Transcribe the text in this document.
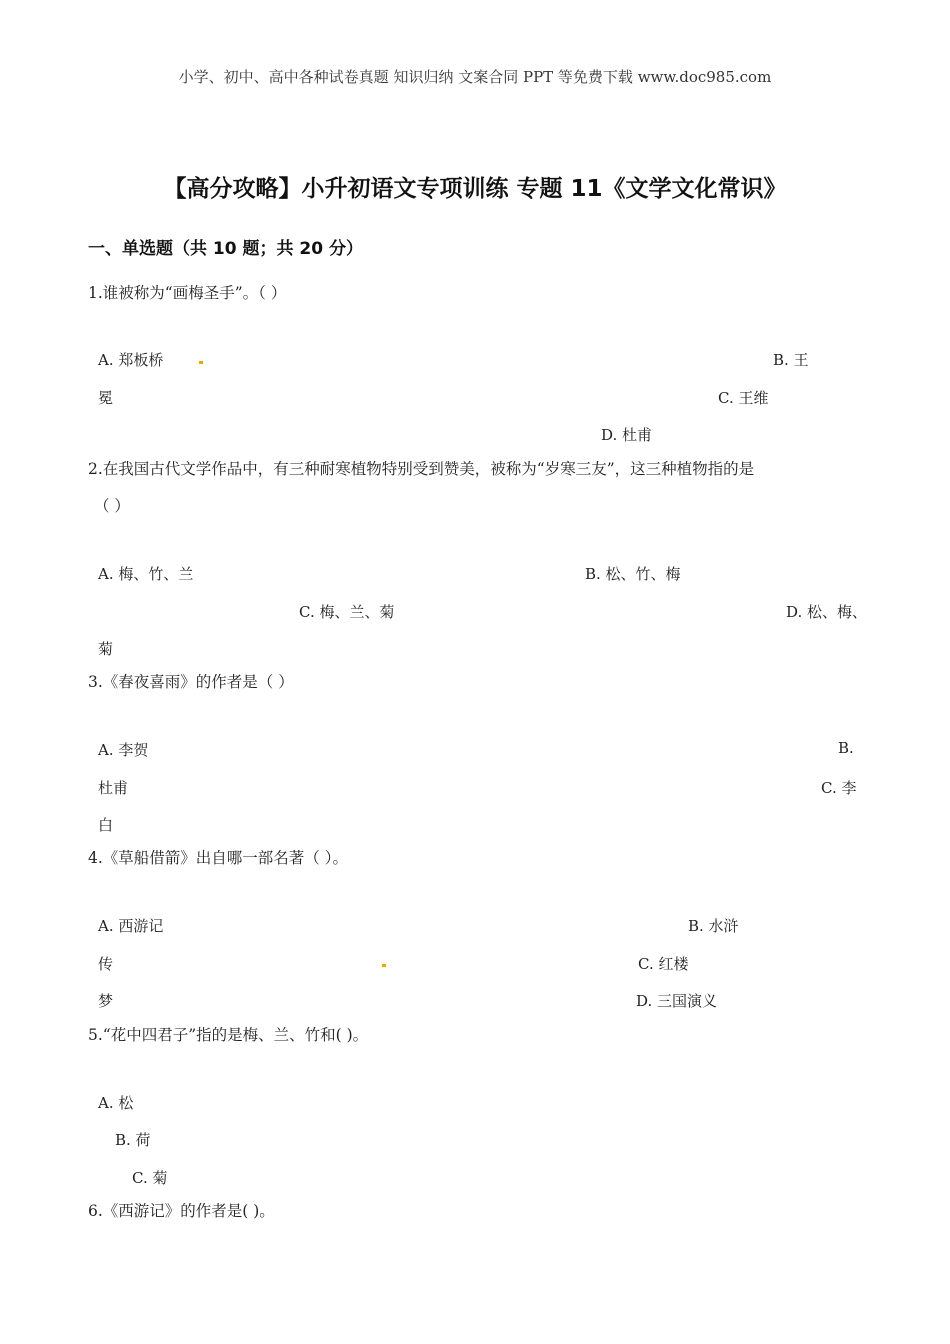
小学、初中、高中各种试卷真题 知识归纳 文案合同 PPT 等免费下载 www.doc985.com
【高分攻略】小升初语文专项训练 专题 11《文学文化常识》
一、单选题（共 10 题；共 20 分）
1.谁被称为“画梅圣手”。（ ）
A. 郑板桥	B. 王
冕	C. 王维
D. 杜甫
2.在我国古代文学作品中，有三种耐寒植物特别受到赞美，被称为“岁寒三友”，这三种植物指的是
（ ）
A. 梅、竹、兰	B. 松、竹、梅
C. 梅、兰、菊	D. 松、梅、
菊
3.《春夜喜雨》的作者是（ ）
A. 李贺	B.
杜甫	C. 李
白
4.《草船借箭》出自哪一部名著（ ）。
A. 西游记	B. 水浒
传	C. 红楼
梦	D. 三国演义
5.“花中四君子”指的是梅、兰、竹和( )。
A. 松
B. 荷
C. 菊
6.《西游记》的作者是( )。
